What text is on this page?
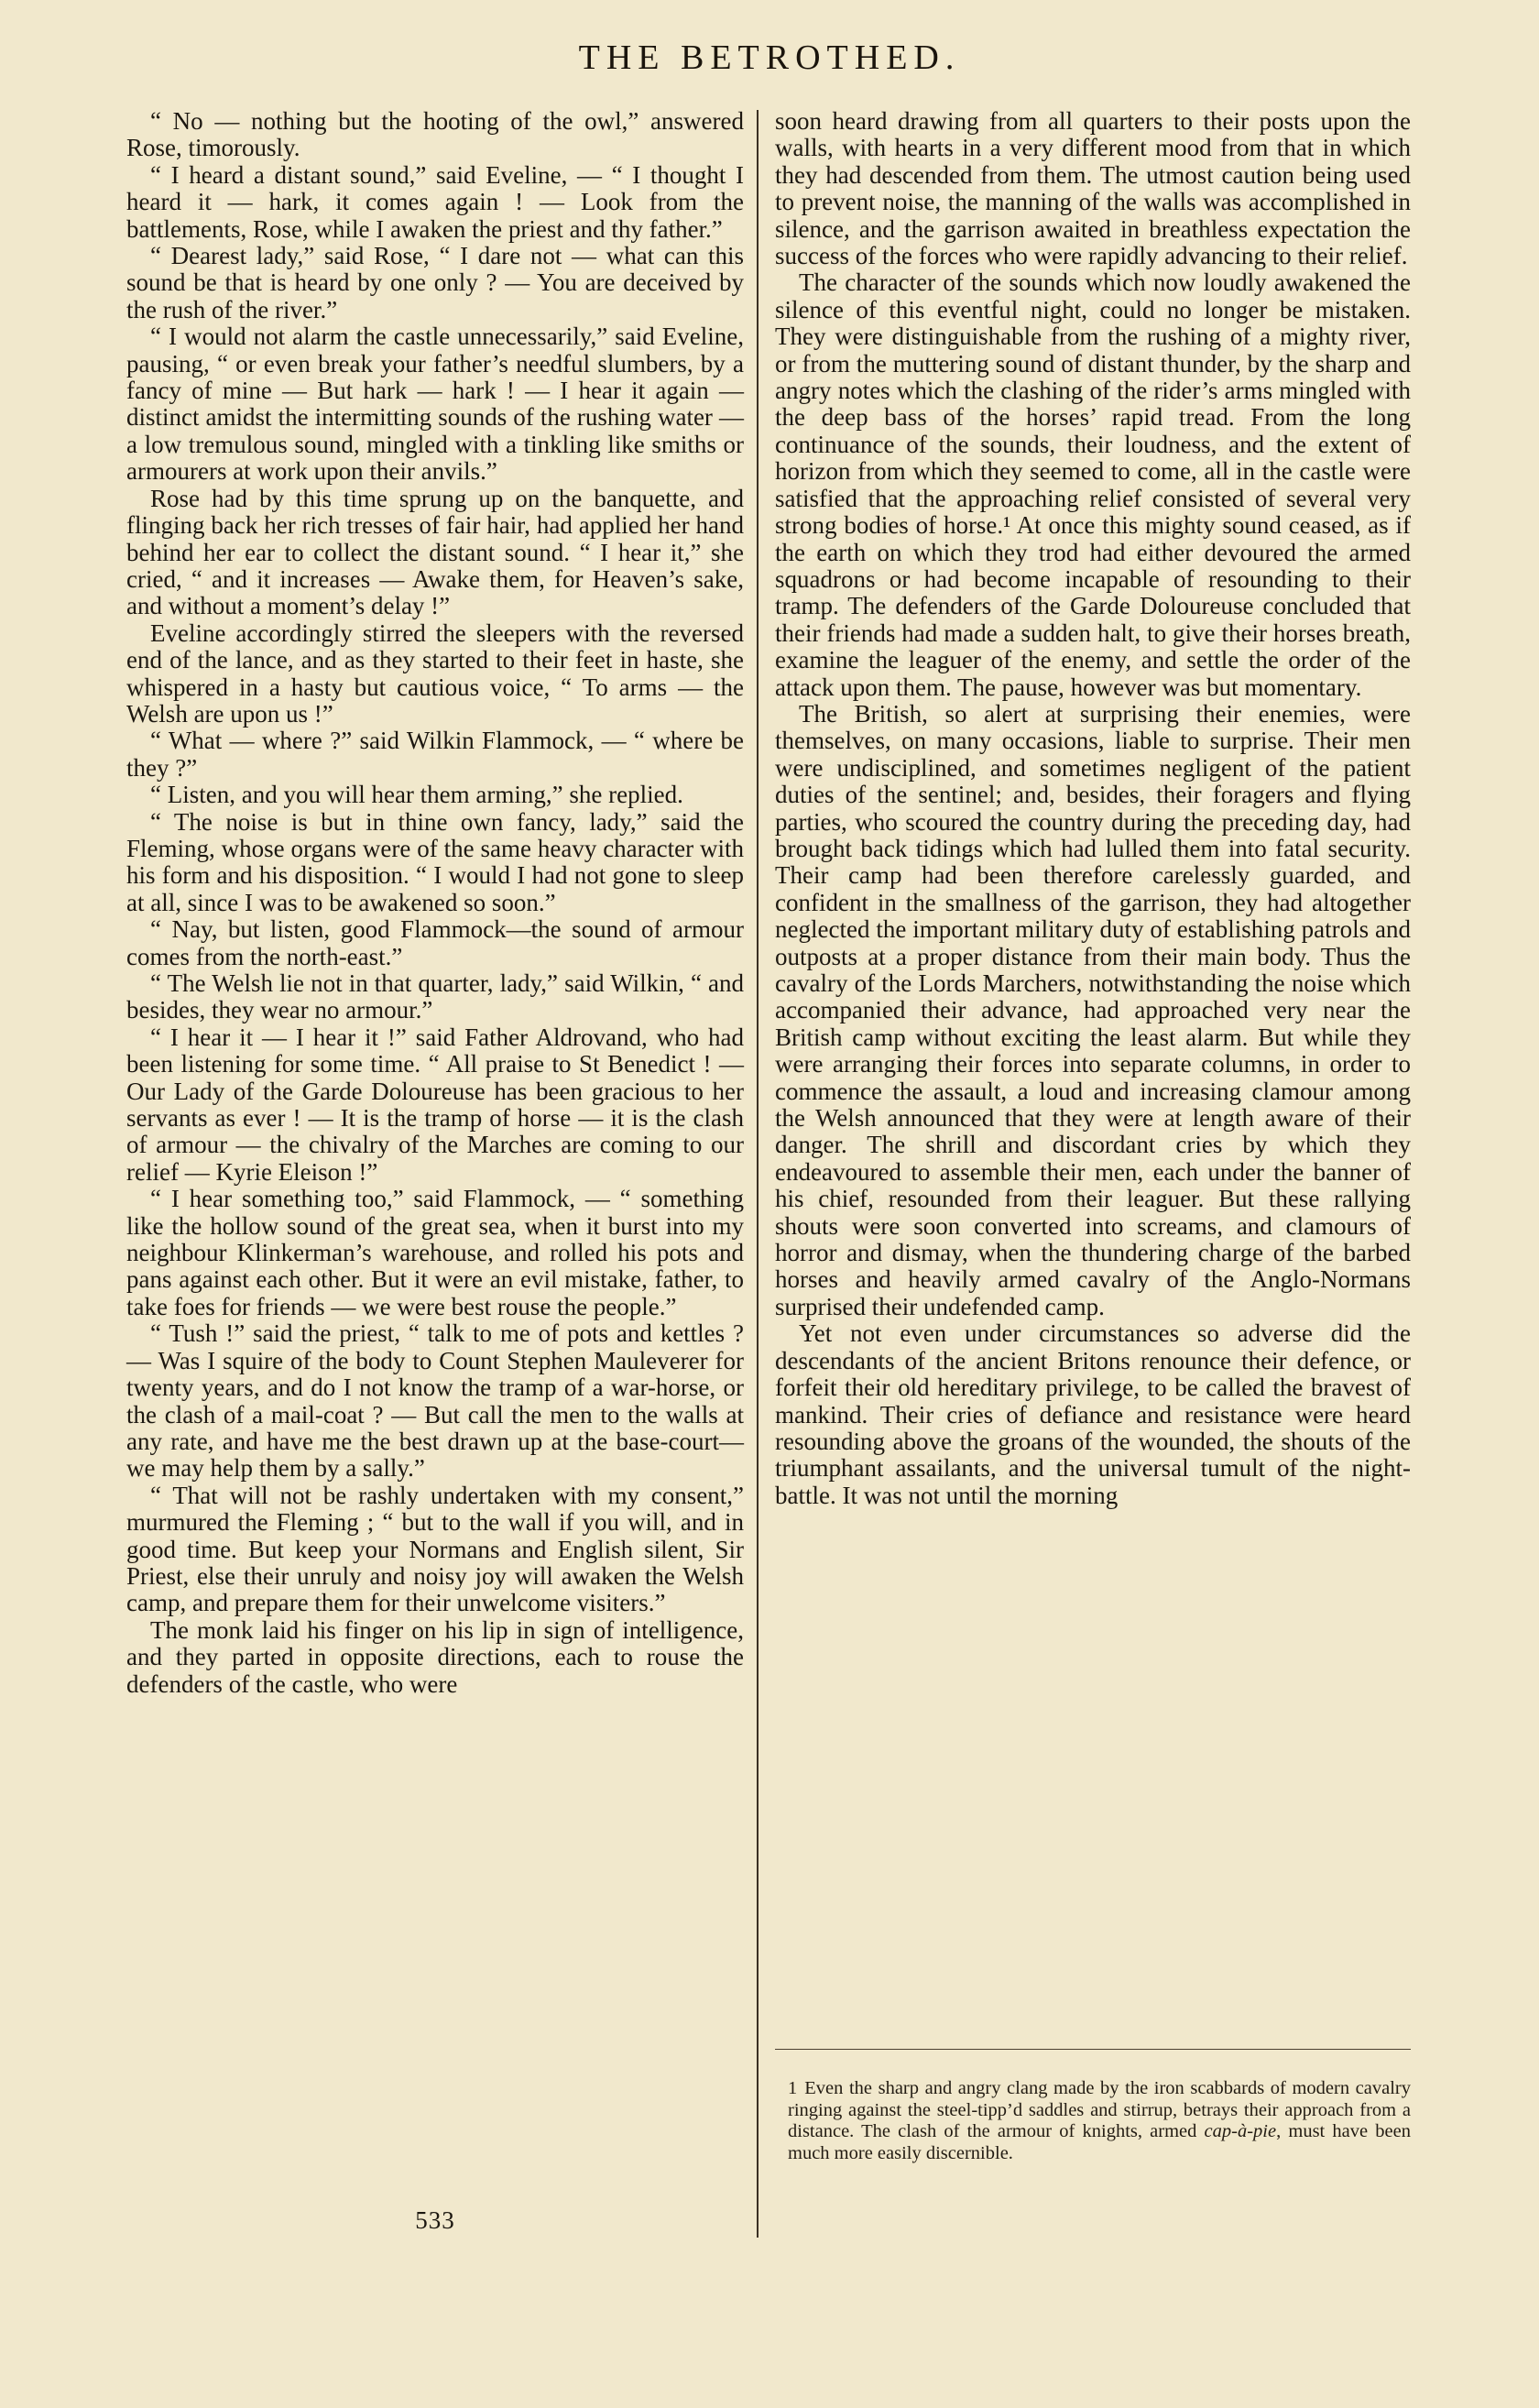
THE BETROTHED.

“ No — nothing but the hooting of the owl,” answered Rose, timorously.

“ I heard a distant sound,” said Eveline, — “ I thought I heard it — hark, it comes again ! — Look from the battlements, Rose, while I awaken the priest and thy father.”

“ Dearest lady,” said Rose, “ I dare not — what can this sound be that is heard by one only ? — You are deceived by the rush of the river.”

“ I would not alarm the castle unnecessarily,” said Eveline, pausing, “ or even break your father’s needful slumbers, by a fancy of mine — But hark — hark ! — I hear it again — distinct amidst the intermitting sounds of the rushing water — a low tremulous sound, mingled with a tinkling like smiths or armourers at work upon their anvils.”

Rose had by this time sprung up on the banquette, and flinging back her rich tresses of fair hair, had applied her hand behind her ear to collect the distant sound. “ I hear it,” she cried, “ and it increases — Awake them, for Heaven’s sake, and without a moment’s delay !”

Eveline accordingly stirred the sleepers with the reversed end of the lance, and as they started to their feet in haste, she whispered in a hasty but cautious voice, “ To arms — the Welsh are upon us !”

“ What — where ?” said Wilkin Flammock, — “ where be they ?”

“ Listen, and you will hear them arming,” she replied.

“ The noise is but in thine own fancy, lady,” said the Fleming, whose organs were of the same heavy character with his form and his disposition. “ I would I had not gone to sleep at all, since I was to be awakened so soon.”

“ Nay, but listen, good Flammock—the sound of armour comes from the north-east.”

“ The Welsh lie not in that quarter, lady,” said Wilkin, “ and besides, they wear no armour.”

“ I hear it — I hear it !” said Father Aldrovand, who had been listening for some time. “ All praise to St Benedict ! — Our Lady of the Garde Doloureuse has been gracious to her servants as ever ! — It is the tramp of horse — it is the clash of armour — the chivalry of the Marches are coming to our relief — Kyrie Eleison !”

“ I hear something too,” said Flammock, — “ something like the hollow sound of the great sea, when it burst into my neighbour Klinkerman’s warehouse, and rolled his pots and pans against each other. But it were an evil mistake, father, to take foes for friends — we were best rouse the people.”

“ Tush !” said the priest, “ talk to me of pots and kettles ? — Was I squire of the body to Count Stephen Mauleverer for twenty years, and do I not know the tramp of a war-horse, or the clash of a mail-coat ? — But call the men to the walls at any rate, and have me the best drawn up at the base-court—we may help them by a sally.”

“ That will not be rashly undertaken with my consent,” murmured the Fleming ; “ but to the wall if you will, and in good time. But keep your Normans and English silent, Sir Priest, else their unruly and noisy joy will awaken the Welsh camp, and prepare them for their unwelcome visiters.”

The monk laid his finger on his lip in sign of intelligence, and they parted in opposite directions, each to rouse the defenders of the castle, who were

533

soon heard drawing from all quarters to their posts upon the walls, with hearts in a very different mood from that in which they had descended from them. The utmost caution being used to prevent noise, the manning of the walls was accomplished in silence, and the garrison awaited in breathless expectation the success of the forces who were rapidly advancing to their relief.

The character of the sounds which now loudly awakened the silence of this eventful night, could no longer be mistaken. They were distinguishable from the rushing of a mighty river, or from the muttering sound of distant thunder, by the sharp and angry notes which the clashing of the rider’s arms mingled with the deep bass of the horses’ rapid tread. From the long continuance of the sounds, their loudness, and the extent of horizon from which they seemed to come, all in the castle were satisfied that the approaching relief consisted of several very strong bodies of horse.¹ At once this mighty sound ceased, as if the earth on which they trod had either devoured the armed squadrons or had become incapable of resounding to their tramp. The defenders of the Garde Doloureuse concluded that their friends had made a sudden halt, to give their horses breath, examine the leaguer of the enemy, and settle the order of the attack upon them. The pause, however was but momentary.

The British, so alert at surprising their enemies, were themselves, on many occasions, liable to surprise. Their men were undisciplined, and sometimes negligent of the patient duties of the sentinel; and, besides, their foragers and flying parties, who scoured the country during the preceding day, had brought back tidings which had lulled them into fatal security. Their camp had been therefore carelessly guarded, and confident in the smallness of the garrison, they had altogether neglected the important military duty of establishing patrols and outposts at a proper distance from their main body. Thus the cavalry of the Lords Marchers, notwithstanding the noise which accompanied their advance, had approached very near the British camp without exciting the least alarm. But while they were arranging their forces into separate columns, in order to commence the assault, a loud and increasing clamour among the Welsh announced that they were at length aware of their danger. The shrill and discordant cries by which they endeavoured to assemble their men, each under the banner of his chief, resounded from their leaguer. But these rallying shouts were soon converted into screams, and clamours of horror and dismay, when the thundering charge of the barbed horses and heavily armed cavalry of the Anglo-Normans surprised their undefended camp.

Yet not even under circumstances so adverse did the descendants of the ancient Britons renounce their defence, or forfeit their old hereditary privilege, to be called the bravest of mankind. Their cries of defiance and resistance were heard resounding above the groans of the wounded, the shouts of the triumphant assailants, and the universal tumult of the night-battle. It was not until the morning

1 Even the sharp and angry clang made by the iron scabbards of modern cavalry ringing against the steel-tipp’d saddles and stirrup, betrays their approach from a distance. The clash of the armour of knights, armed cap-à-pie, must have been much more easily discernible.
